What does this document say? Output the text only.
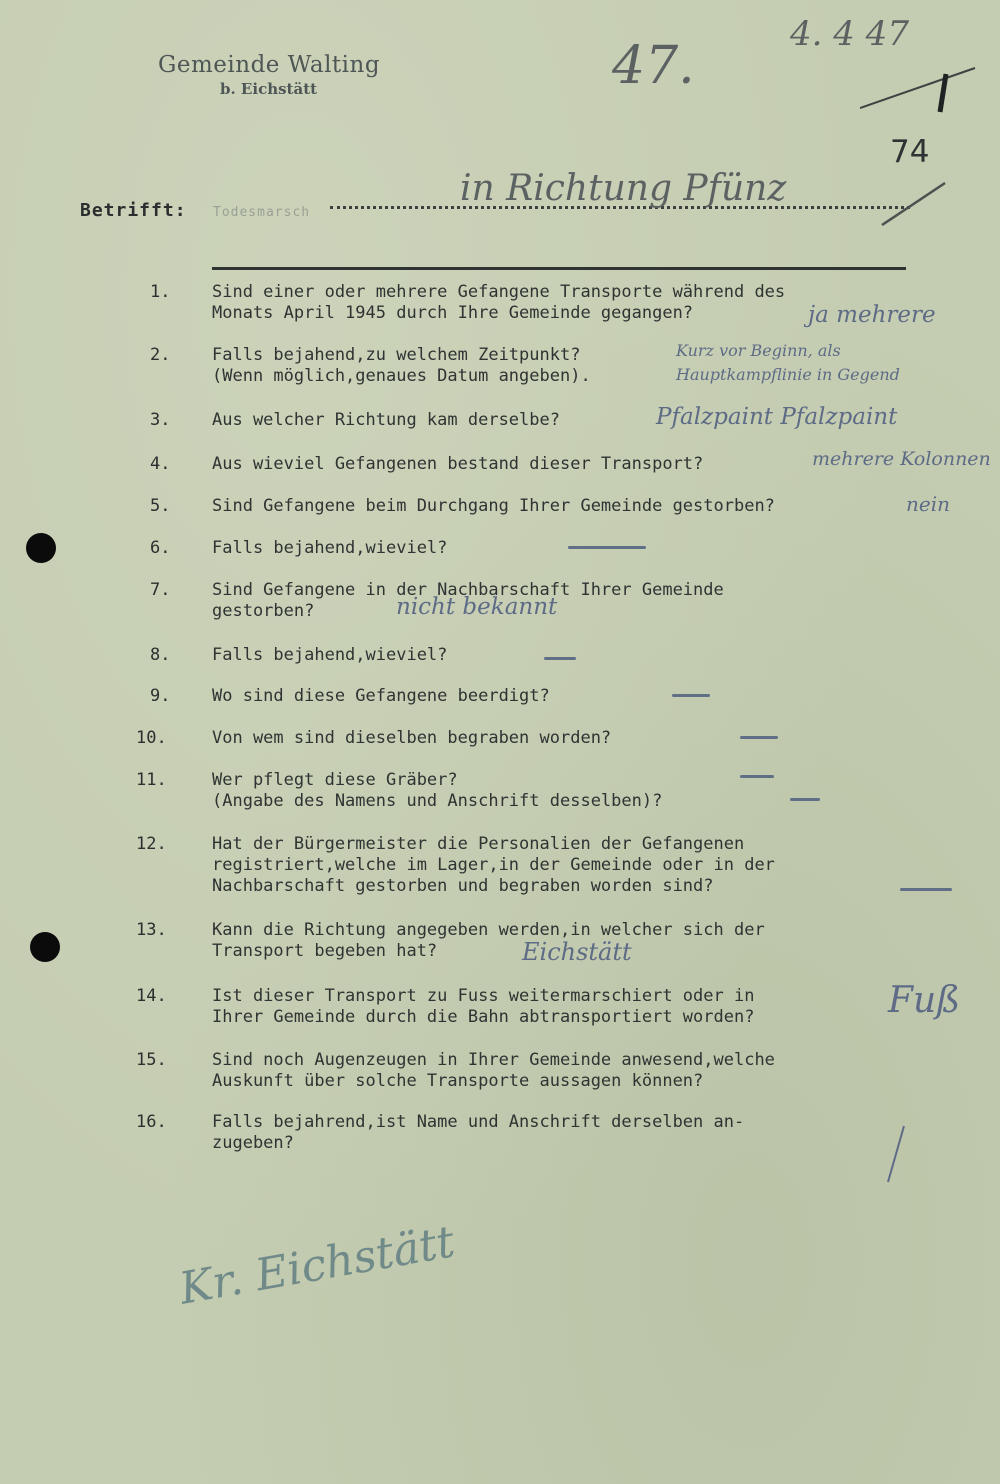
Gemeinde Walting
b. Eichstätt	47.
4. 4 47
74
Betrifft: Todesmarsch
in Richtung Pfünz
1.	Sind einer oder mehrere Gefangene Transporte während des
Monats April 1945 durch Ihre Gemeinde gegangen?	ja mehrere
2.	Falls bejahend,zu welchem Zeitpunkt?
(Wenn möglich,genaues Datum angeben).
Kurz vor Beginn, als Hauptkampflinie in Gegend
3.	Aus welcher Richtung kam derselbe?	Pfalzpaint Pfalzpaint
4.	Aus wieviel Gefangenen bestand dieser Transport?	mehrere Kolonnen
5.	Sind Gefangene beim Durchgang Ihrer Gemeinde gestorben?	nein
6.	Falls bejahend,wieviel?
7.	Sind Gefangene in der Nachbarschaft Ihrer Gemeinde
gestorben?	nicht bekannt
8.	Falls bejahend,wieviel?
9.	Wo sind diese Gefangene beerdigt?
10.	Von wem sind dieselben begraben worden?
11.	Wer pflegt diese Gräber?
(Angabe des Namens und Anschrift desselben)?
12.	Hat der Bürgermeister die Personalien der Gefangenen
registriert,welche im Lager,in der Gemeinde oder in der
Nachbarschaft gestorben und begraben worden sind?
13.	Kann die Richtung angegeben werden,in welcher sich der
Transport begeben hat?	Eichstätt
14.	Ist dieser Transport zu Fuss weitermarschiert oder in
Ihrer Gemeinde durch die Bahn abtransportiert worden?	Fuß
15.	Sind noch Augenzeugen in Ihrer Gemeinde anwesend,welche
Auskunft über solche Transporte aussagen können?
16.	Falls bejahrend,ist Name und Anschrift derselben an-
zugeben?
Kr. Eichstätt
